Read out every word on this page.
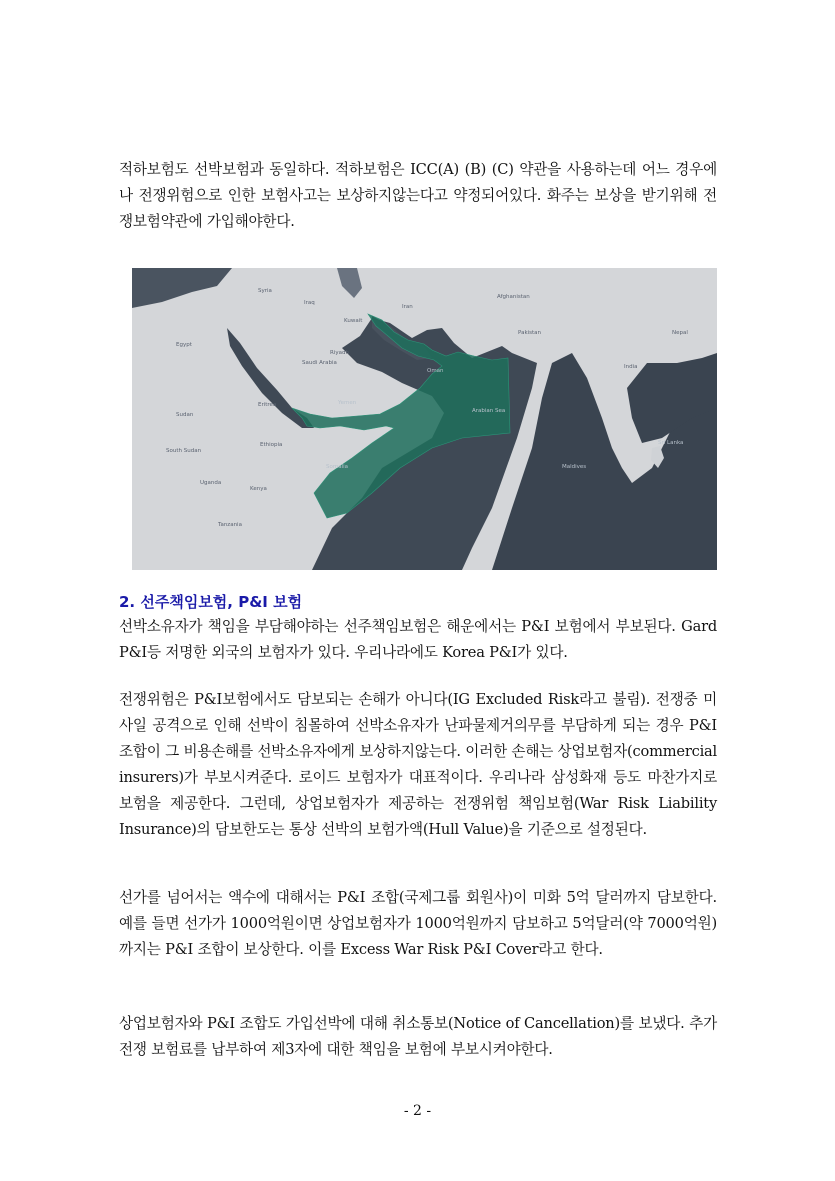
적하보험도 선박보험과 동일하다. 적하보험은 ICC(A) (B) (C) 약관을 사용하는데 어느 경우에나 전쟁위험으로 인한 보험사고는 보상하지않는다고 약정되어있다. 화주는 보상을 받기위해 전쟁보험약관에 가입해야한다.

Syria
Iraq
Iran
Afghanistan
Pakistan	Nepal
Egypt
Kuwait
Riyadh
Saudi Arabia
Oman
India
Sudan
Eritrea	Yemen
Ethiopia
South Sudan
Somalia
Kenya
Uganda
Tanzania
Arabian Sea
Sri Lanka
Maldives
2. 선주책임보험, P&I 보험

선박소유자가 책임을 부담해야하는 선주책임보험은 해운에서는 P&I 보험에서 부보된다. Gard P&I등 저명한 외국의 보험자가 있다. 우리나라에도 Korea P&I가 있다.

전쟁위험은 P&I보험에서도 담보되는 손해가 아니다(IG Excluded Risk라고 불림). 전쟁중 미사일 공격으로 인해 선박이 침몰하여 선박소유자가 난파물제거의무를 부담하게 되는 경우 P&I조합이 그 비용손해를 선박소유자에게 보상하지않는다. 이러한 손해는 상업보험자(commercial insurers)가 부보시켜준다. 로이드 보험자가 대표적이다. 우리나라 삼성화재 등도 마찬가지로 보험을 제공한다. 그런데, 상업보험자가 제공하는 전쟁위험 책임보험(War Risk Liability Insurance)의 담보한도는 통상 선박의 보험가액(Hull Value)을 기준으로 설정된다.

선가를 넘어서는 액수에 대해서는 P&I 조합(국제그룹 회원사)이 미화 5억 달러까지 담보한다. 예를 들면 선가가 1000억원이면 상업보험자가 1000억원까지 담보하고 5억달러(약 7000억원)까지는 P&I 조합이 보상한다. 이를 Excess War Risk P&I Cover라고 한다.

상업보험자와 P&I 조합도 가입선박에 대해 취소통보(Notice of Cancellation)를 보냈다. 추가전쟁 보험료를 납부하여 제3자에 대한 책임을 보험에 부보시켜야한다.

- 2 -
